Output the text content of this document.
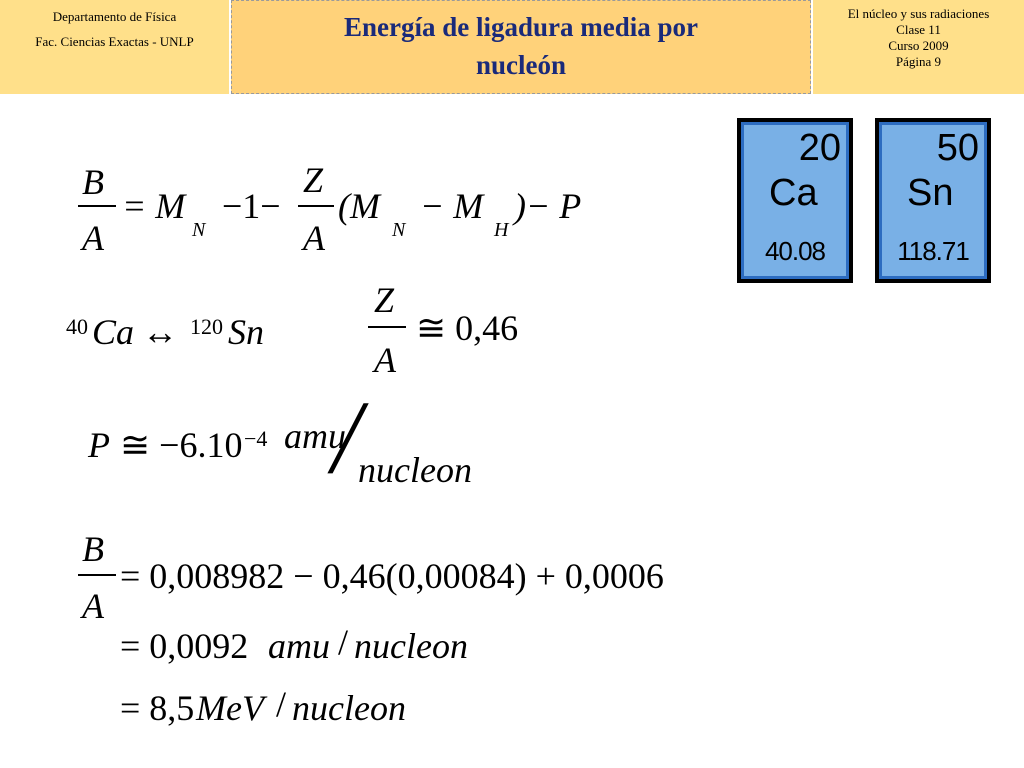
Departamento de Física
Fac. Ciencias Exactas - UNLP	Energía de ligadura media por
nucleón
El núcleo y sus radiaciones
Clase 11
Curso 2009
Página 9
20
Ca
40.08
50
Sn
118.71
B
A
= M
$_N$
−1−
Z
A
(M
$_N$
− M
$_H$
)− P
$^{40}$ Ca ↔ $^{120}$ Sn
Z
A
≅ 0,46
P ≅ −6.10 $^{-4}$ amu
╱
nucleon
B
A
= 0,008982 − 0,46(0,00084) + 0,0006
= 0,0092 amu / nucleon
= 8,5 MeV / nucleon
